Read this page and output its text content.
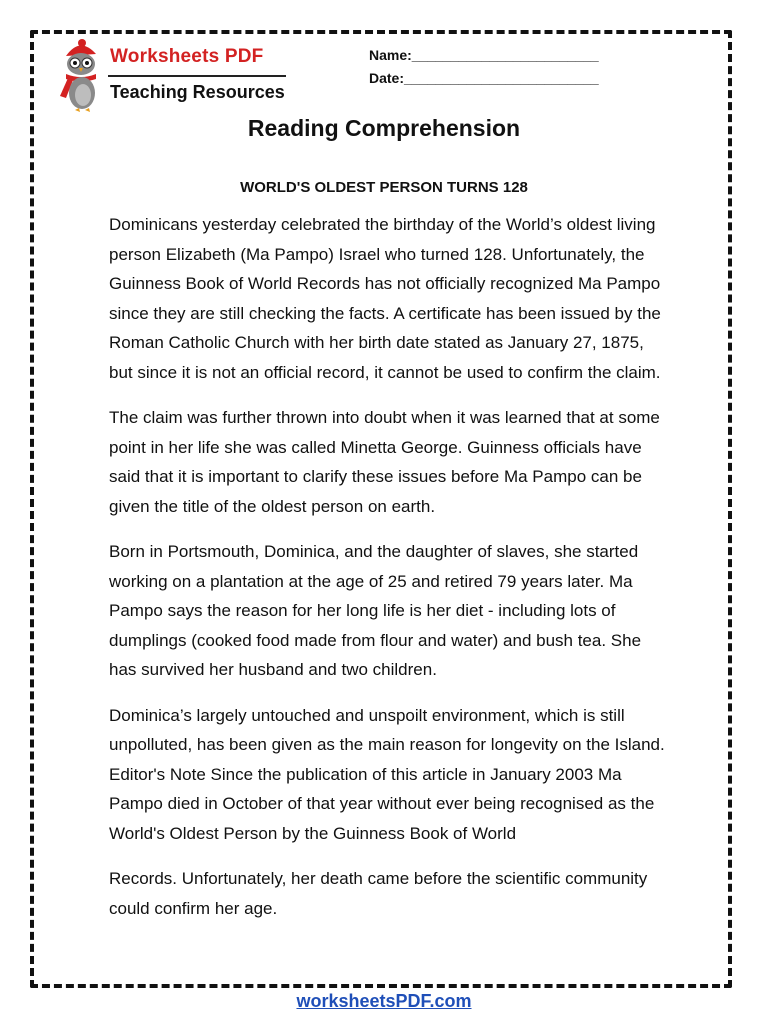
Worksheets PDF
Teaching Resources
Name:________________________
Date:_________________________
Reading Comprehension
WORLD'S OLDEST PERSON TURNS 128

Dominicans yesterday celebrated the birthday of the World’s oldest living person Elizabeth (Ma Pampo) Israel who turned 128. Unfortunately, the Guinness Book of World Records has not officially recognized Ma Pampo since they are still checking the facts. A certificate has been issued by the Roman Catholic Church with her birth date stated as January 27, 1875, but since it is not an official record, it cannot be used to confirm the claim.

The claim was further thrown into doubt when it was learned that at some point in her life she was called Minetta George. Guinness officials have said that it is important to clarify these issues before Ma Pampo can be given the title of the oldest person on earth.

Born in Portsmouth, Dominica, and the daughter of slaves, she started working on a plantation at the age of 25 and retired 79 years later. Ma Pampo says the reason for her long life is her diet - including lots of dumplings (cooked food made from flour and water) and bush tea. She has survived her husband and two children.

Dominica’s largely untouched and unspoilt environment, which is still unpolluted, has been given as the main reason for longevity on the Island. Editor's Note Since the publication of this article in January 2003 Ma Pampo died in October of that year without ever being recognised as the World's Oldest Person by the Guinness Book of World

Records. Unfortunately, her death came before the scientific community could confirm her age.

worksheetsPDF.com
